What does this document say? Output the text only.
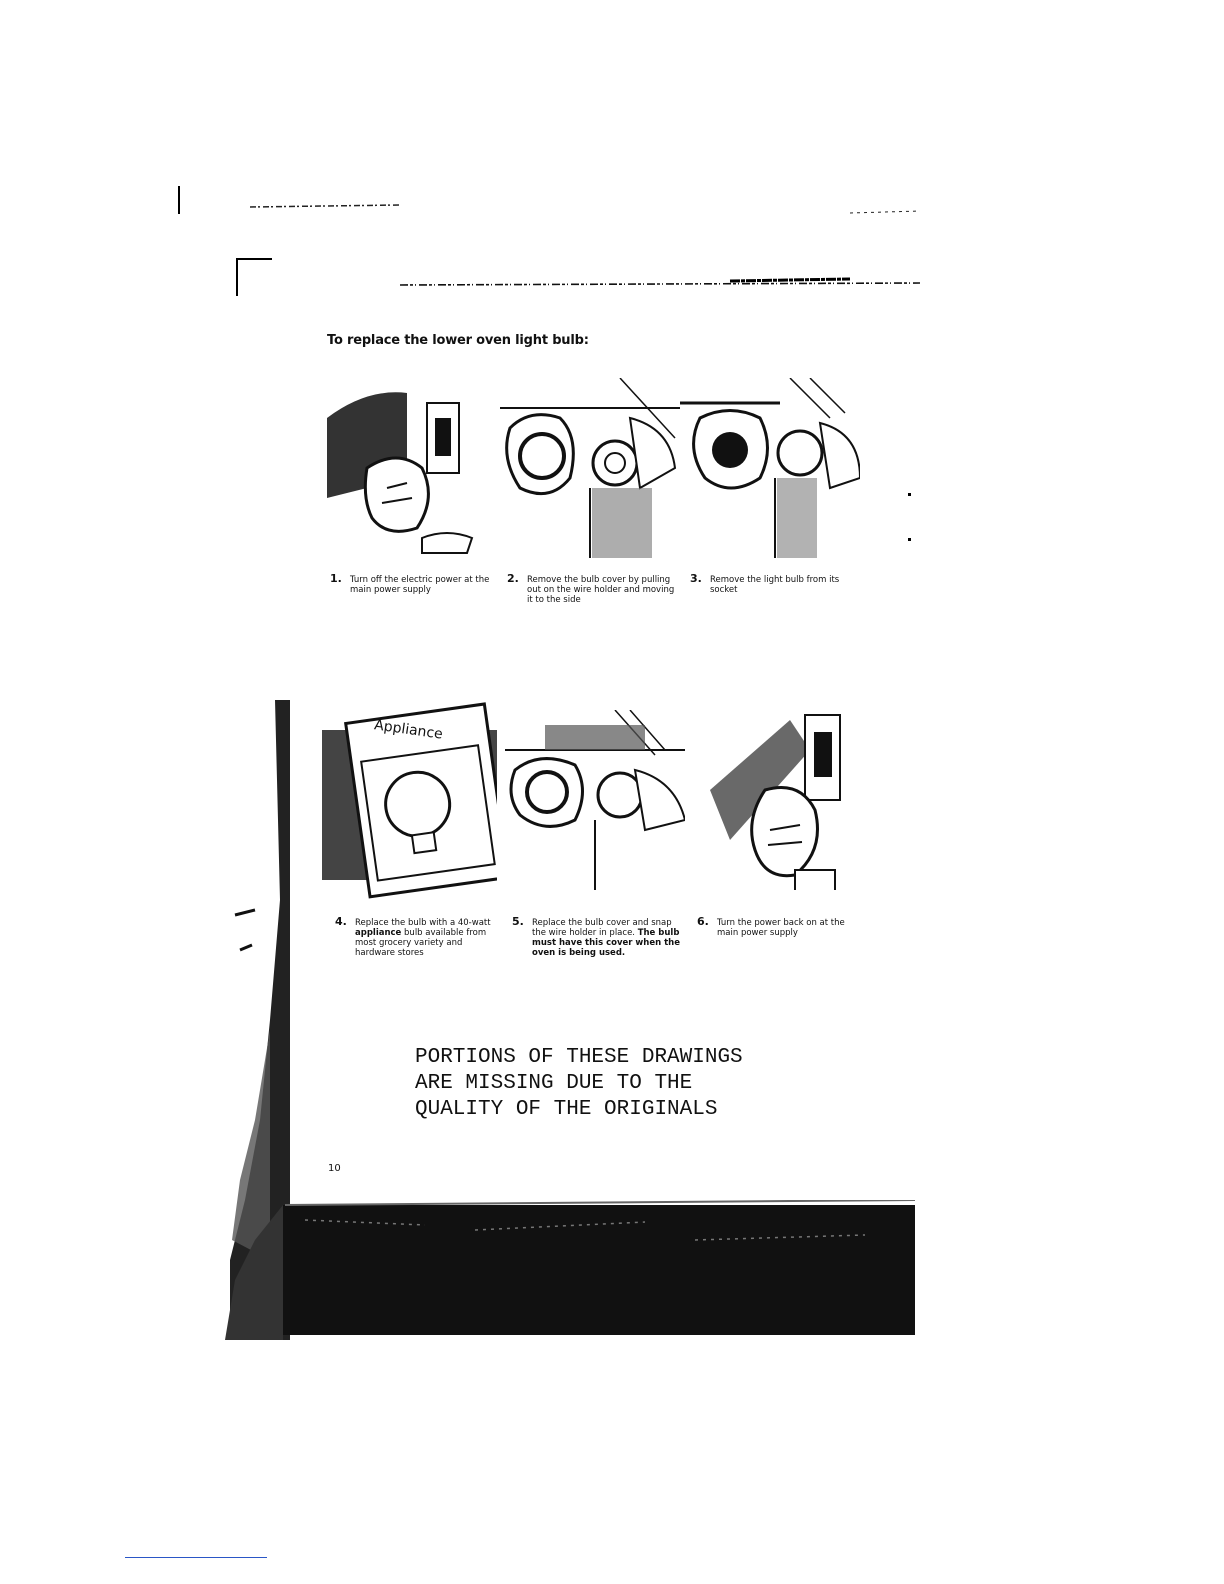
To replace the lower oven light bulb:
1. Turn off the electric power at the main power supply
2. Remove the bulb cover by pulling out on the wire holder and moving it to the side
3. Remove the light bulb from its socket
Appliance
4. Replace the bulb with a 40-watt appliance bulb available from most grocery variety and hardware stores
5. Replace the bulb cover and snap the wire holder in place. The bulb must have this cover when the oven is being used.
6. Turn the power back on at the main power supply
PORTIONS OF THESE DRAWINGS
ARE MISSING DUE TO THE
QUALITY OF THE ORIGINALS
10
